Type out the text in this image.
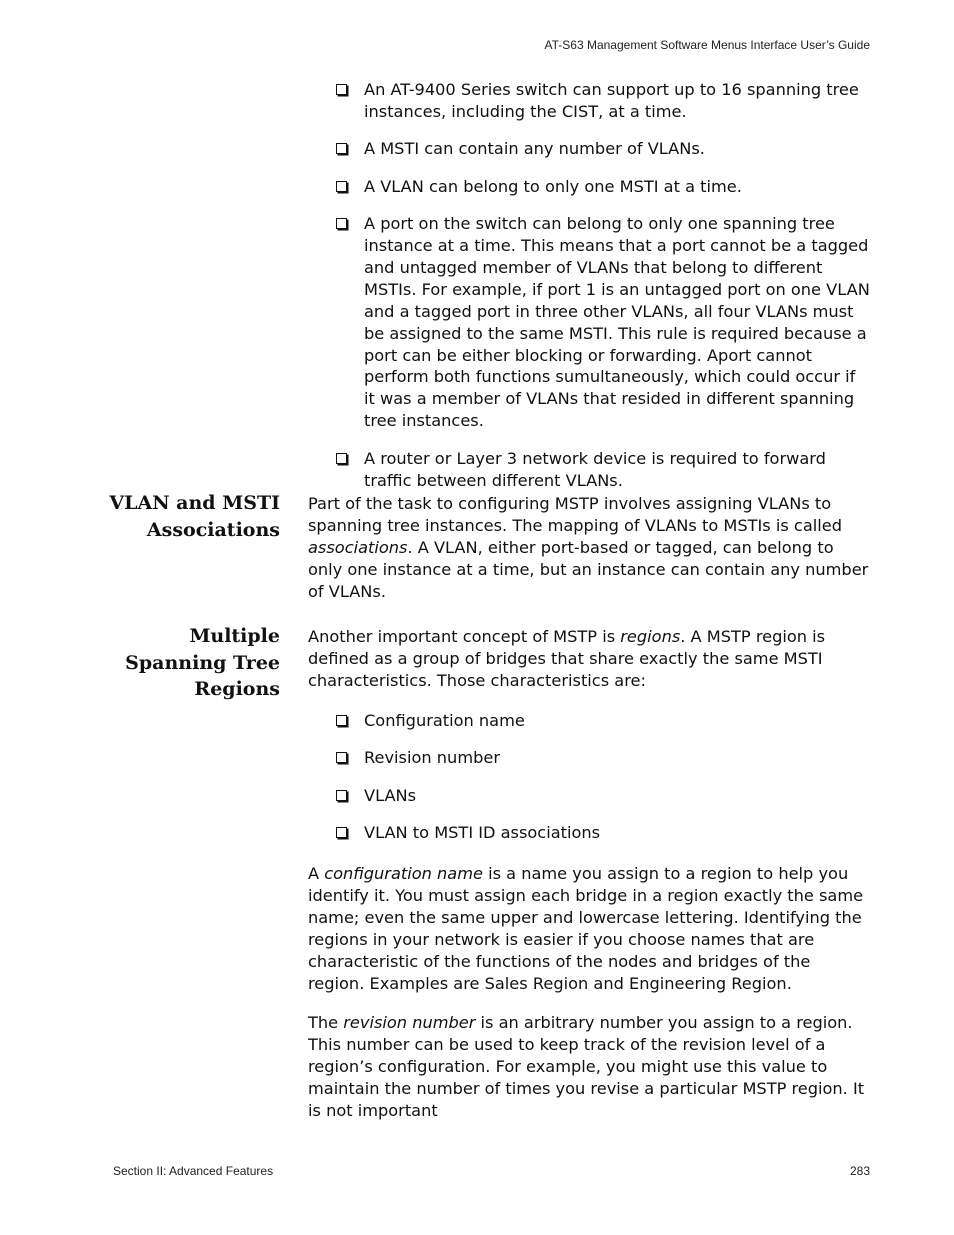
AT-S63 Management Software Menus Interface User’s Guide
An AT-9400 Series switch can support up to 16 spanning tree instances, including the CIST, at a time.
A MSTI can contain any number of VLANs.
A VLAN can belong to only one MSTI at a time.
A port on the switch can belong to only one spanning tree instance at a time. This means that a port cannot be a tagged and untagged member of VLANs that belong to different MSTIs. For example, if port 1 is an untagged port on one VLAN and a tagged port in three other VLANs, all four VLANs must be assigned to the same MSTI. This rule is required because a port can be either blocking or forwarding. Aport cannot perform both functions sumultaneously, which could occur if it was a member of VLANs that resided in different spanning tree instances.
A router or Layer 3 network device is required to forward traffic between different VLANs.
VLAN and MSTI
Associations

Part of the task to configuring MSTP involves assigning VLANs to spanning tree instances. The mapping of VLANs to MSTIs is called associations. A VLAN, either port-based or tagged, can belong to only one instance at a time, but an instance can contain any number of VLANs.

Multiple
Spanning Tree
Regions

Another important concept of MSTP is regions. A MSTP region is defined as a group of bridges that share exactly the same MSTI characteristics. Those characteristics are:

Configuration name
Revision number
VLANs
VLAN to MSTI ID associations

A configuration name is a name you assign to a region to help you identify it. You must assign each bridge in a region exactly the same name; even the same upper and lowercase lettering. Identifying the regions in your network is easier if you choose names that are characteristic of the functions of the nodes and bridges of the region. Examples are Sales Region and Engineering Region.

The revision number is an arbitrary number you assign to a region. This number can be used to keep track of the revision level of a region’s configuration. For example, you might use this value to maintain the number of times you revise a particular MSTP region. It is not important

Section II: Advanced Features	283
